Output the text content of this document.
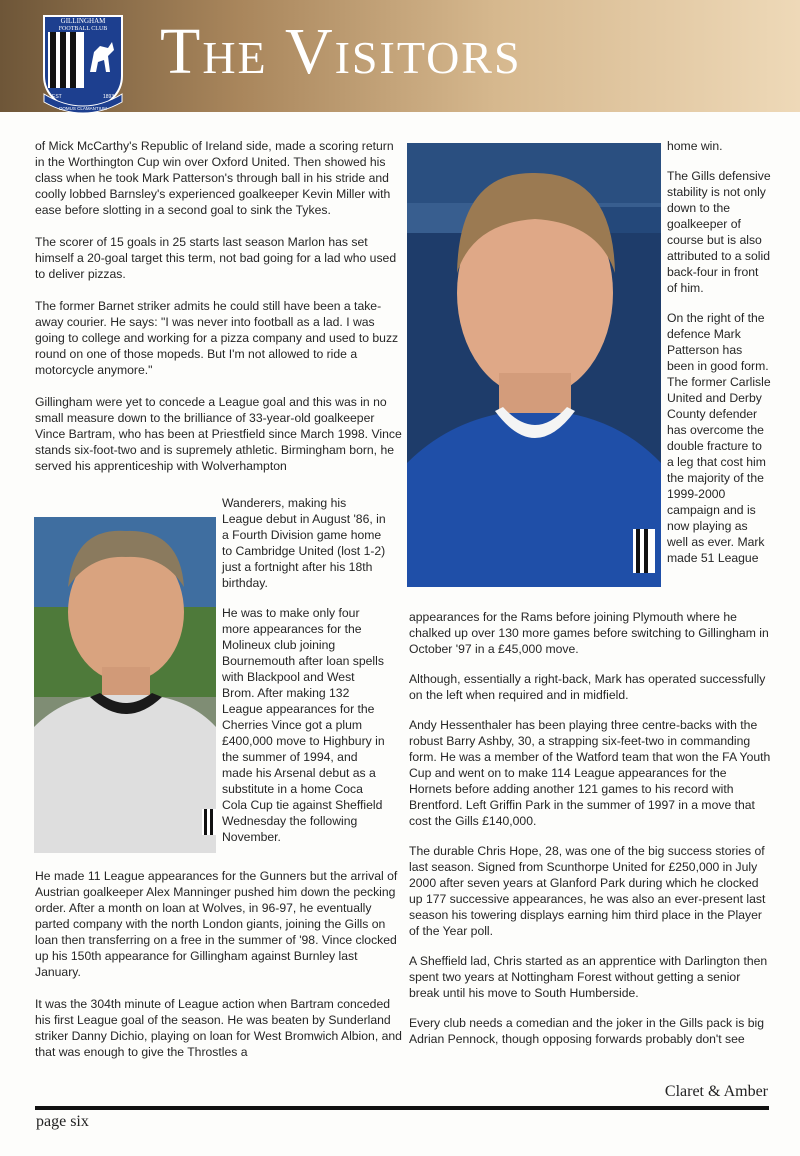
GILLINGHAM
FOOTBALL CLUB
EST	1893
DOMUS CLAMANTIUM
The Visitors

of Mick McCarthy's Republic of Ireland side, made a scoring return in the Worthington Cup win over Oxford United. Then showed his class when he took Mark Patterson's through ball in his stride and coolly lobbed Barnsley's experienced goalkeeper Kevin Miller with ease before slotting in a second goal to sink the Tykes.

The scorer of 15 goals in 25 starts last season Marlon has set himself a 20-goal target this term, not bad going for a lad who used to deliver pizzas.

The former Barnet striker admits he could still have been a take-away courier. He says: "I was never into football as a lad. I was going to college and working for a pizza company and used to buzz round on one of those mopeds. But I'm not allowed to ride a motorcycle anymore."

Gillingham were yet to concede a League goal and this was in no small measure down to the brilliance of 33-year-old goalkeeper Vince Bartram, who has been at Priestfield since March 1998. Vince stands six-foot-two and is supremely athletic. Birmingham born, he served his apprenticeship with Wolverhampton

Wanderers, making his League debut in August '86, in a Fourth Division game home to Cambridge United (lost 1-2) just a fortnight after his 18th birthday.

He was to make only four more appearances for the Molineux club joining Bournemouth after loan spells with Blackpool and West Brom. After making 132 League appearances for the Cherries Vince got a plum £400,000 move to Highbury in the summer of 1994, and made his Arsenal debut as a substitute in a home Coca Cola Cup tie against Sheffield Wednesday the following November.

He made 11 League appearances for the Gunners but the arrival of Austrian goalkeeper Alex Manninger pushed him down the pecking order. After a month on loan at Wolves, in 96-97, he eventually parted company with the north London giants, joining the Gills on loan then transferring on a free in the summer of '98. Vince clocked up his 150th appearance for Gillingham against Burnley last January.

It was the 304th minute of League action when Bartram conceded his first League goal of the season. He was beaten by Sunderland striker Danny Dichio, playing on loan for West Bromwich Albion, and that was enough to give the Throstles a

home win.

The Gills defensive stability is not only down to the goalkeeper of course but is also attributed to a solid back-four in front of him.

On the right of the defence Mark Patterson has been in good form. The former Carlisle United and Derby County defender has overcome the double fracture to a leg that cost him the majority of the 1999-2000 campaign and is now playing as well as ever. Mark made 51 League

appearances for the Rams before joining Plymouth where he chalked up over 130 more games before switching to Gillingham in October '97 in a £45,000 move.

Although, essentially a right-back, Mark has operated successfully on the left when required and in midfield.

Andy Hessenthaler has been playing three centre-backs with the robust Barry Ashby, 30, a strapping six-feet-two in commanding form. He was a member of the Watford team that won the FA Youth Cup and went on to make 114 League appearances for the Hornets before adding another 121 games to his record with Brentford. Left Griffin Park in the summer of 1997 in a move that cost the Gills £140,000.

The durable Chris Hope, 28, was one of the big success stories of last season. Signed from Scunthorpe United for £250,000 in July 2000 after seven years at Glanford Park during which he clocked up 177 successive appearances, he was also an ever-present last season his towering displays earning him third place in the Player of the Year poll.

A Sheffield lad, Chris started as an apprentice with Darlington then spent two years at Nottingham Forest without getting a senior break until his move to South Humberside.

Every club needs a comedian and the joker in the Gills pack is big Adrian Pennock, though opposing forwards probably don't see

Claret & Amber
page six
